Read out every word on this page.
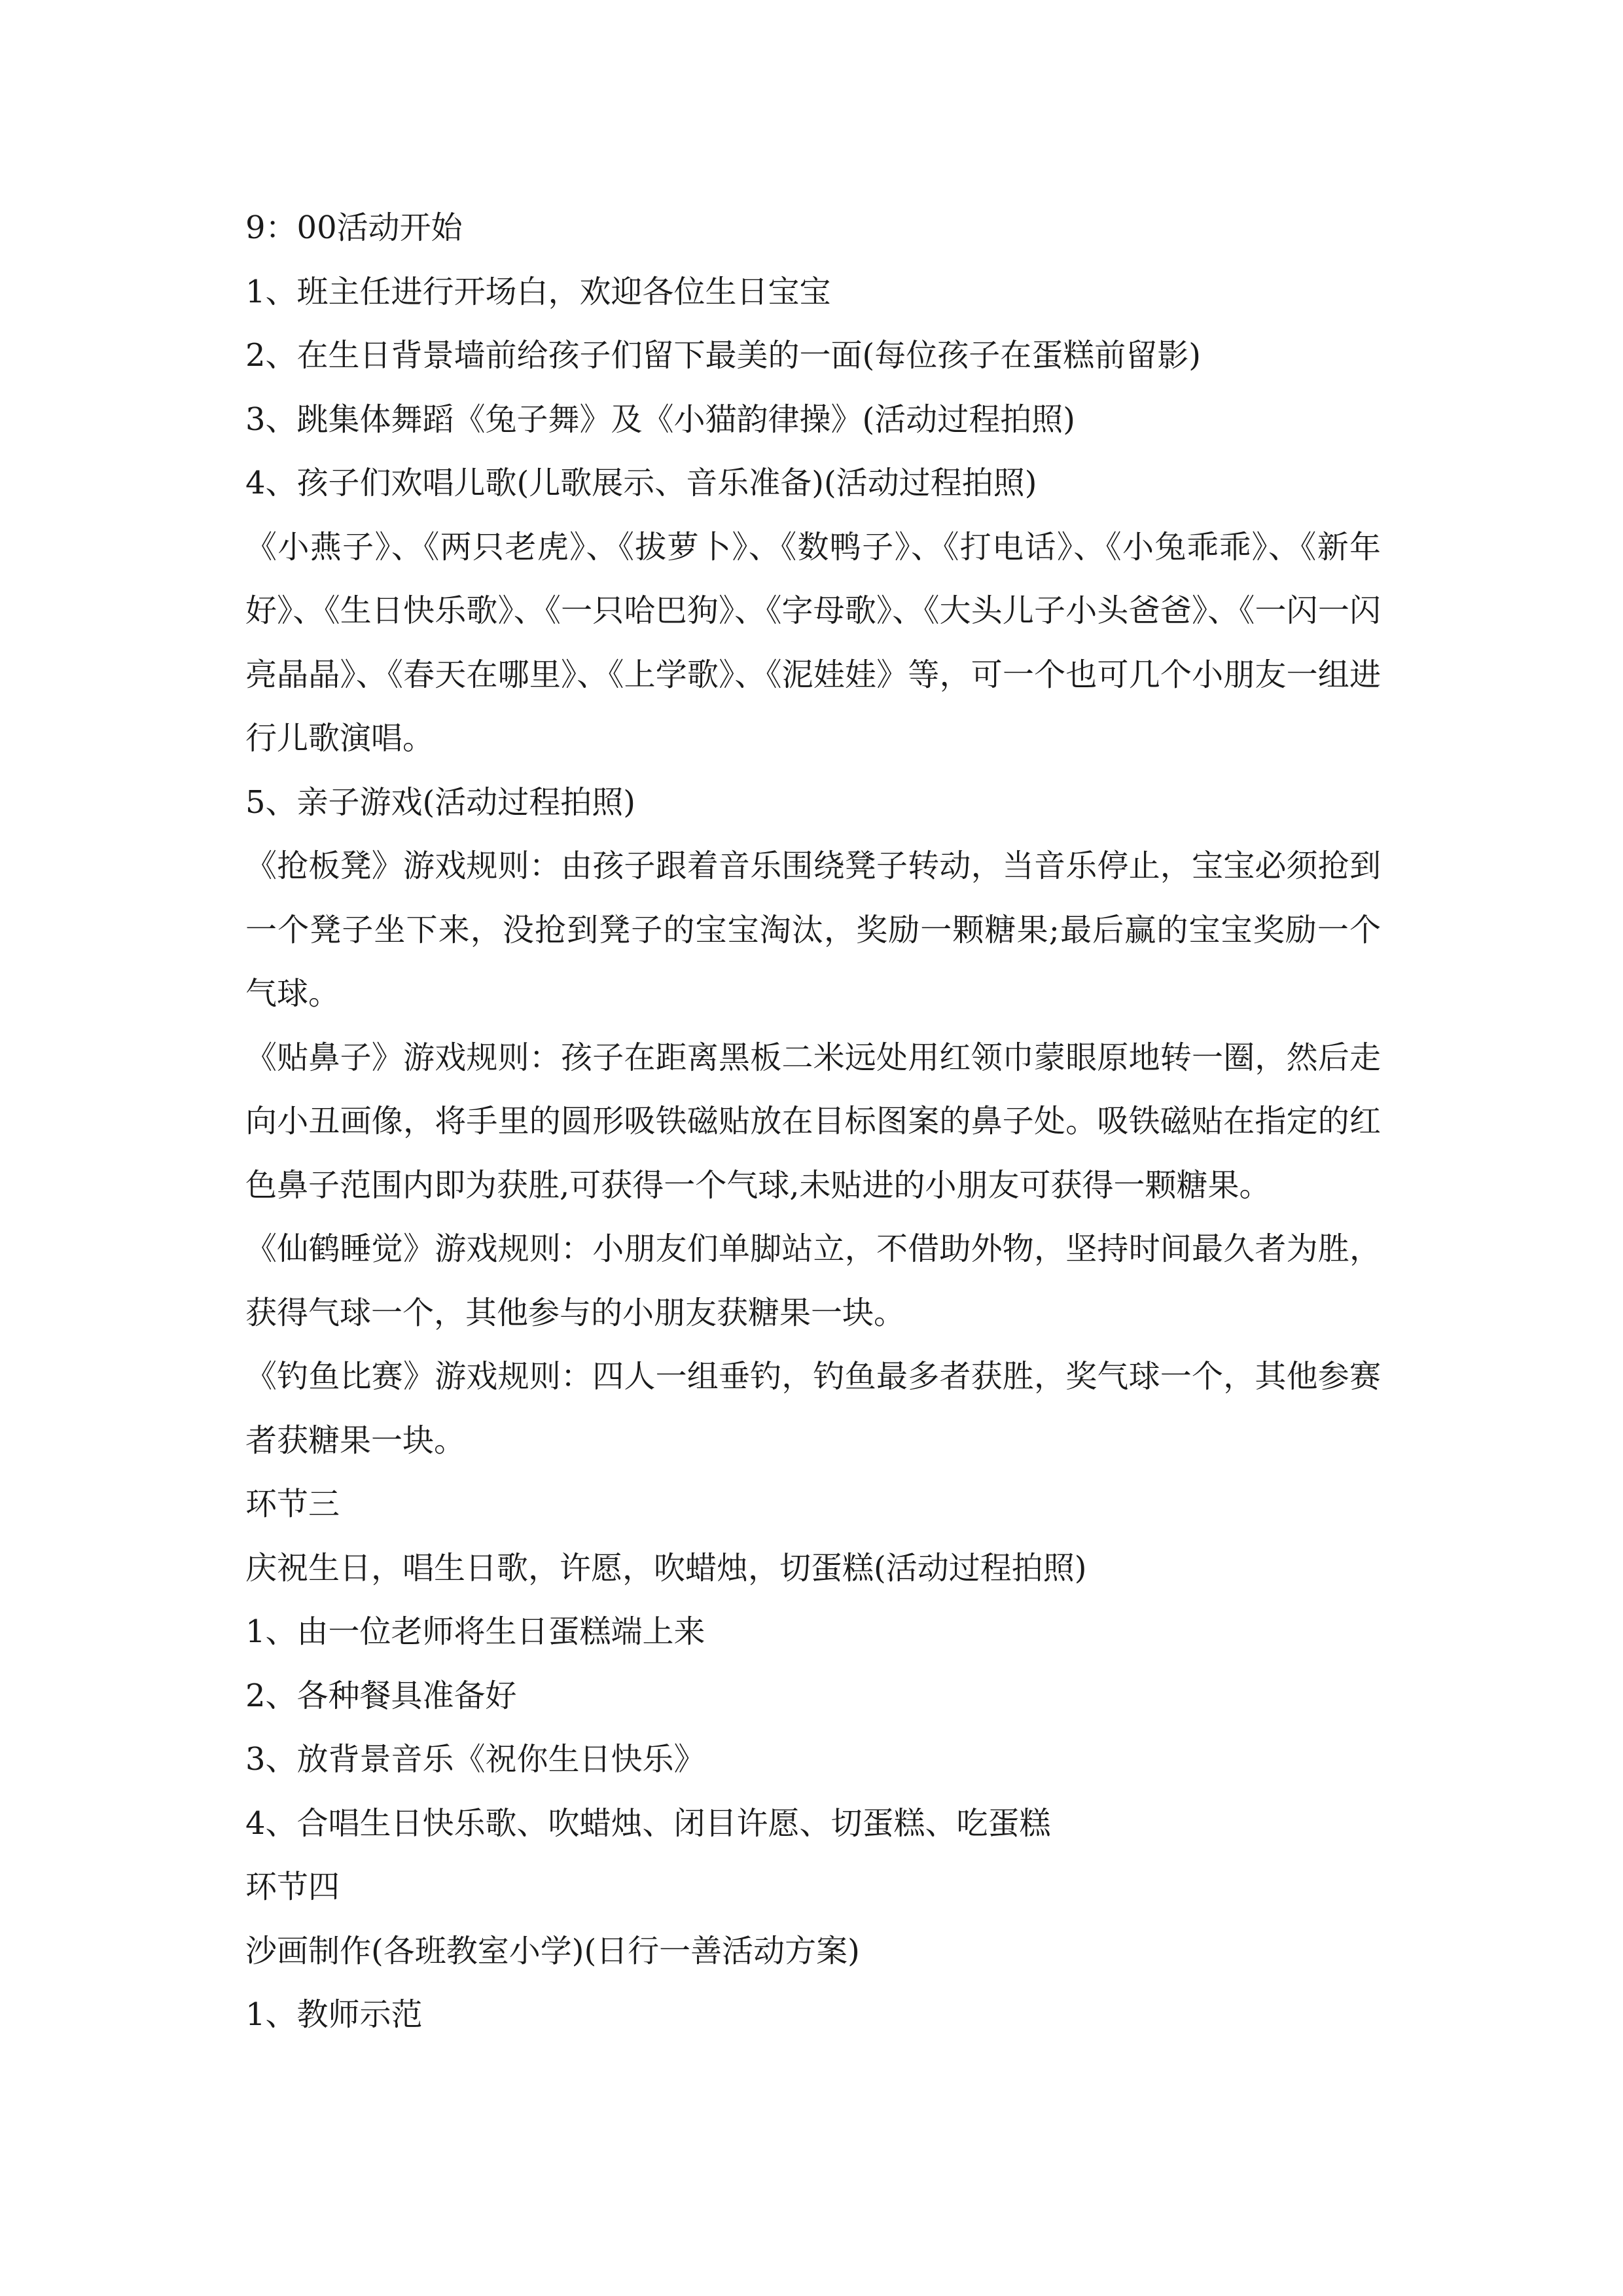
9：00活动开始

1、班主任进行开场白，欢迎各位生日宝宝

2、在生日背景墙前给孩子们留下最美的一面(每位孩子在蛋糕前留影)

3、跳集体舞蹈《兔子舞》及《小猫韵律操》(活动过程拍照)

4、孩子们欢唱儿歌(儿歌展示、音乐准备)(活动过程拍照)

《小燕子》、《两只老虎》、《拔萝卜》、《数鸭子》、《打电话》、《小兔乖乖》、《新年好》、《生日快乐歌》、《一只哈巴狗》、《字母歌》、《大头儿子小头爸爸》、《一闪一闪亮晶晶》、《春天在哪里》、《上学歌》、《泥娃娃》等，可一个也可几个小朋友一组进行儿歌演唱。

5、亲子游戏(活动过程拍照)

《抢板凳》游戏规则：由孩子跟着音乐围绕凳子转动，当音乐停止，宝宝必须抢到一个凳子坐下来，没抢到凳子的宝宝淘汰，奖励一颗糖果;最后赢的宝宝奖励一个气球。

《贴鼻子》游戏规则：孩子在距离黑板二米远处用红领巾蒙眼原地转一圈，然后走向小丑画像，将手里的圆形吸铁磁贴放在目标图案的鼻子处。吸铁磁贴在指定的红色鼻子范围内即为获胜,可获得一个气球,未贴进的小朋友可获得一颗糖果。

《仙鹤睡觉》游戏规则：小朋友们单脚站立，不借助外物，坚持时间最久者为胜，获得气球一个，其他参与的小朋友获糖果一块。

《钓鱼比赛》游戏规则：四人一组垂钓，钓鱼最多者获胜，奖气球一个，其他参赛者获糖果一块。

环节三

庆祝生日，唱生日歌，许愿，吹蜡烛，切蛋糕(活动过程拍照)

1、由一位老师将生日蛋糕端上来

2、各种餐具准备好

3、放背景音乐《祝你生日快乐》

4、合唱生日快乐歌、吹蜡烛、闭目许愿、切蛋糕、吃蛋糕

环节四

沙画制作(各班教室小学)(日行一善活动方案)

1、教师示范
